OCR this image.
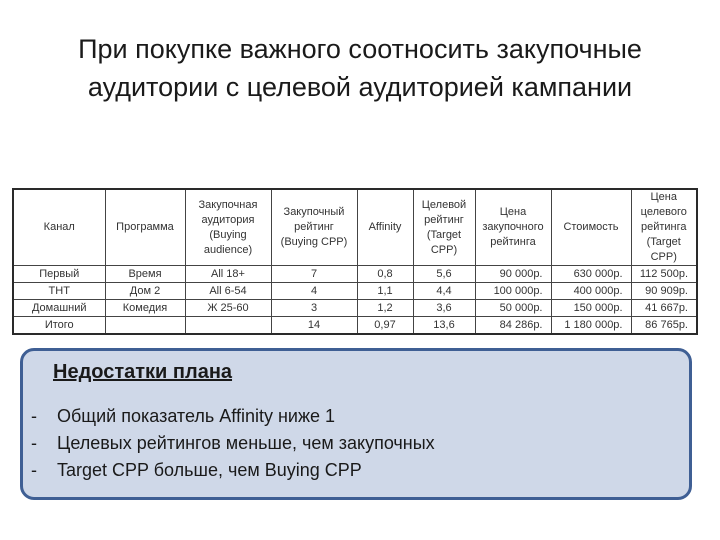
При покупке важного соотносить закупочные аудитории с целевой аудиторией кампании
Канал	Программа	Закупочная
аудитория
(Buying
audience)	Закупочный
рейтинг
(Buying CPP)	Affinity	Целевой
рейтинг
(Target
CPP)	Цена
закупочного
рейтинга	Стоимость	Цена
целевого
рейтинга
(Target CPP)
Первый	Время	All 18+	7	0,8	5,6	90 000р.	630 000р.	112 500р.
ТНТ	Дом 2	All 6-54	4	1,1	4,4	100 000р.	400 000р.	90 909р.
Домашний	Комедия	Ж 25-60	3	1,2	3,6	50 000р.	150 000р.	41 667р.
Итого			14	0,97	13,6	84 286р.	1 180 000р.	86 765р.
Недостатки плана
- Общий показатель Affinity ниже 1
- Целевых рейтингов меньше, чем закупочных
- Target CPP больше, чем Buying CPP
